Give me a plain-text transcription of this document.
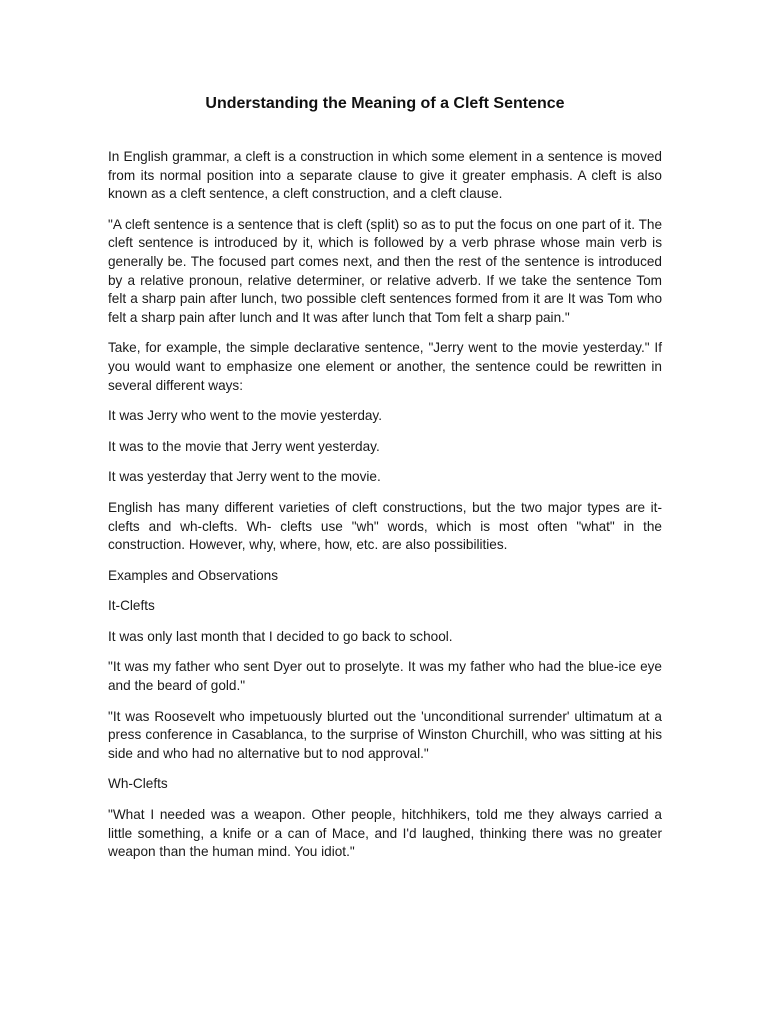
Understanding the Meaning of a Cleft Sentence

In English grammar, a cleft is a construction in which some element in a sentence is moved from its normal position into a separate clause to give it greater emphasis. A cleft is also known as a cleft sentence, a cleft construction, and a cleft clause.

"A cleft sentence is a sentence that is cleft (split) so as to put the focus on one part of it. The cleft sentence is introduced by it, which is followed by a verb phrase whose main verb is generally be. The focused part comes next, and then the rest of the sentence is introduced by a relative pronoun, relative determiner, or relative adverb. If we take the sentence Tom felt a sharp pain after lunch, two possible cleft sentences formed from it are It was Tom who felt a sharp pain after lunch and It was after lunch that Tom felt a sharp pain."

Take, for example, the simple declarative sentence, "Jerry went to the movie yesterday." If you would want to emphasize one element or another, the sentence could be rewritten in several different ways:

It was Jerry who went to the movie yesterday.

It was to the movie that Jerry went yesterday.

It was yesterday that Jerry went to the movie.

English has many different varieties of cleft constructions, but the two major types are it-clefts and wh-clefts. Wh- clefts use "wh" words, which is most often "what" in the construction. However, why, where, how, etc. are also possibilities.

Examples and Observations

It-Clefts

It was only last month that I decided to go back to school.

"It was my father who sent Dyer out to proselyte. It was my father who had the blue-ice eye and the beard of gold."

"It was Roosevelt who impetuously blurted out the 'unconditional surrender' ultimatum at a press conference in Casablanca, to the surprise of Winston Churchill, who was sitting at his side and who had no alternative but to nod approval."

Wh-Clefts

"What I needed was a weapon. Other people, hitchhikers, told me they always carried a little something, a knife or a can of Mace, and I'd laughed, thinking there was no greater weapon than the human mind. You idiot."
